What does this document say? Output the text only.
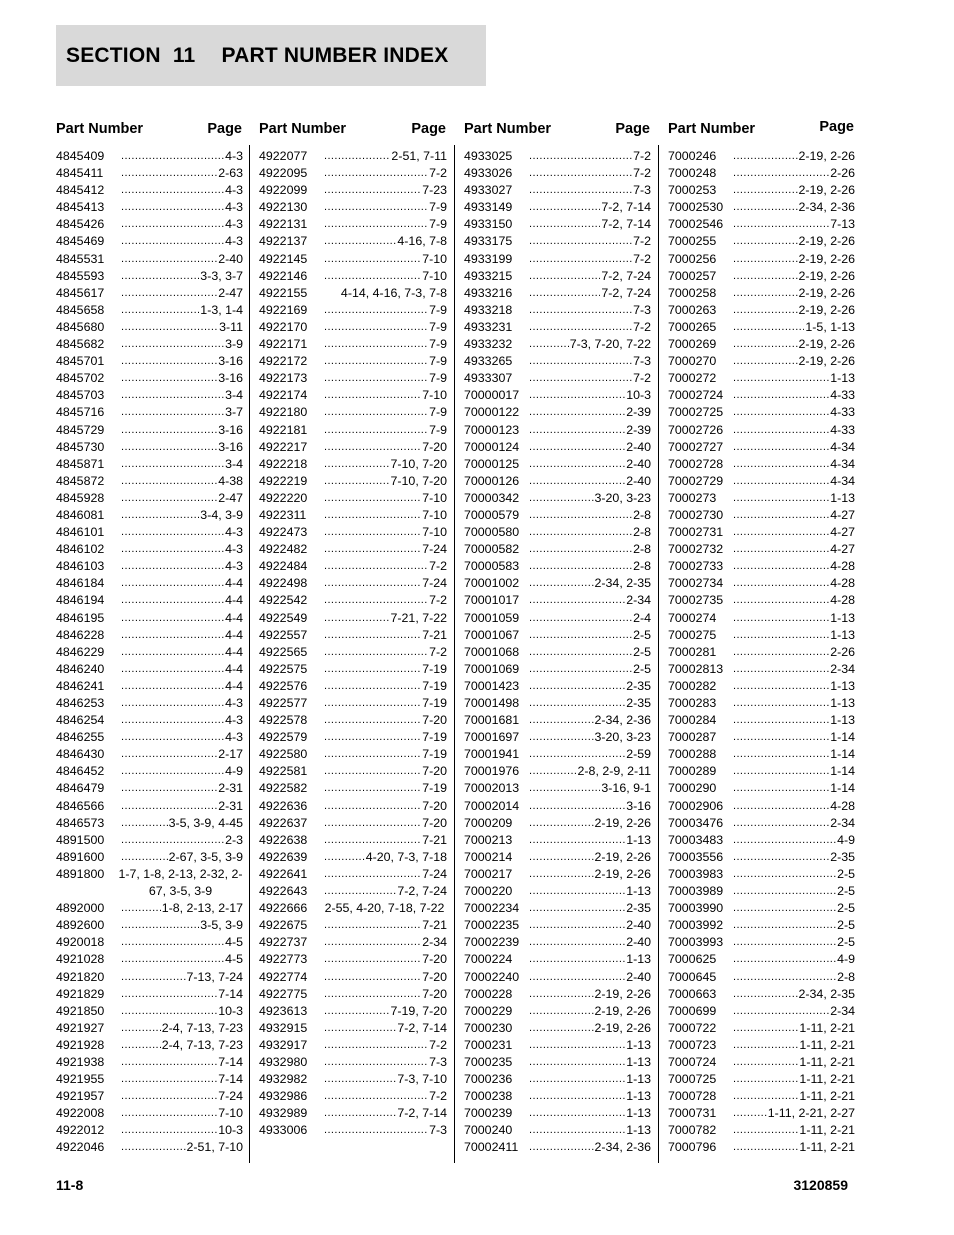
SECTION
11 PART NUMBER INDEX
Part Number	Page
4845409 .....	4-3
4845411 .....	2-63
4845412 .....	4-3
4845413 .....	4-3
4845426 .....	4-3
4845469 .....	4-3
4845531 .....	2-40
4845593 .....	3-3, 3-7
4845617 .....	2-47
4845658 .....	1-3, 1-4
4845680 .....	3-11
4845682 .....	3-9
4845701 .....	3-16
4845702 .....	3-16
4845703 .....	3-4
4845716 .....	3-7
4845729 .....	3-16
4845730 .....	3-16
4845871 .....	3-4
4845872 .....	4-38
4845928 .....	2-47
4846081 .....	3-4, 3-9
4846101 .....	4-3
4846102 .....	4-3
4846103 .....	4-3
4846184 .....	4-4
4846194 .....	4-4
4846195 .....	4-4
4846228 .....	4-4
4846229 .....	4-4
4846240 .....	4-4
4846241 .....	4-4
4846253 .....	4-3
4846254 .....	4-3
4846255 .....	4-3
4846430 .....	2-17
4846452 .....	4-9
4846479 .....	2-31
4846566 .....	2-31
4846573 .....	3-5, 3-9, 4-45
4891500 .....	2-3
4891600 .....	2-67, 3-5, 3-9
4891800	1-7, 1-8, 2-13, 2-32, 2-67, 3-5, 3-9
4892000 .....	1-8, 2-13, 2-17
4892600 .....	3-5, 3-9
4920018 .....	4-5
4921028 .....	4-5
4921820 .....	7-13, 7-24
4921829 .....	7-14
4921850 .....	10-3
4921927 .....	2-4, 7-13, 7-23
4921928 .....	2-4, 7-13, 7-23
4921938 .....	7-14
4921955 .....	7-14
4921957 .....	7-24
4922008 .....	7-10
4922012 .....	10-3
4922046 .....	2-51, 7-10
Part Number	Page
4922077 .....	2-51, 7-11
4922095 .....	7-2
4922099 .....	7-23
4922130 .....	7-9
4922131 .....	7-9
4922137 .....	4-16, 7-8
4922145 .....	7-10
4922146 .....	7-10
4922155	4-14, 4-16, 7-3, 7-8
4922169 .....	7-9
4922170 .....	7-9
4922171 .....	7-9
4922172 .....	7-9
4922173 .....	7-9
4922174 .....	7-10
4922180 .....	7-9
4922181 .....	7-9
4922217 .....	7-20
4922218 .....	7-10, 7-20
4922219 .....	7-10, 7-20
4922220 .....	7-10
4922311 .....	7-10
4922473 .....	7-10
4922482 .....	7-24
4922484 .....	7-2
4922498 .....	7-24
4922542 .....	7-2
4922549 .....	7-21, 7-22
4922557 .....	7-21
4922565 .....	7-2
4922575 .....	7-19
4922576 .....	7-19
4922577 .....	7-19
4922578 .....	7-20
4922579 .....	7-19
4922580 .....	7-19
4922581 .....	7-20
4922582 .....	7-19
4922636 .....	7-20
4922637 .....	7-20
4922638 .....	7-21
4922639 .....	4-20, 7-3, 7-18
4922641 .....	7-24
4922643 .....	7-2, 7-24
4922666	2-55, 4-20, 7-18, 7-22
4922675 .....	7-21
4922737 .....	2-34
4922773 .....	7-20
4922774 .....	7-20
4922775 .....	7-20
4923613 .....	7-19, 7-20
4932915 .....	7-2, 7-14
4932917 .....	7-2
4932980 .....	7-3
4932982 .....	7-3, 7-10
4932986 .....	7-2
4932989 .....	7-2, 7-14
4933006 .....	7-3
Part Number	Page
4933025 .....	7-2
4933026 .....	7-2
4933027 .....	7-3
4933149 .....	7-2, 7-14
4933150 .....	7-2, 7-14
4933175 .....	7-2
4933199 .....	7-2
4933215 .....	7-2, 7-24
4933216 .....	7-2, 7-24
4933218 .....	7-3
4933231 .....	7-2
4933232 .....	7-3, 7-20, 7-22
4933265 .....	7-3
4933307 .....	7-2
70000017 .....	10-3
70000122 .....	2-39
70000123 .....	2-39
70000124 .....	2-40
70000125 .....	2-40
70000126 .....	2-40
70000342 .....	3-20, 3-23
70000579 .....	2-8
70000580 .....	2-8
70000582 .....	2-8
70000583 .....	2-8
70001002 .....	2-34, 2-35
70001017 .....	2-34
70001059 .....	2-4
70001067 .....	2-5
70001068 .....	2-5
70001069 .....	2-5
70001423 .....	2-35
70001498 .....	2-35
70001681 .....	2-34, 2-36
70001697 .....	3-20, 3-23
70001941 .....	2-59
70001976 .....	2-8, 2-9, 2-11
70002013 .....	3-16, 9-1
70002014 .....	3-16
7000209 .....	2-19, 2-26
7000213 .....	1-13
7000214 .....	2-19, 2-26
7000217 .....	2-19, 2-26
7000220 .....	1-13
70002234 .....	2-35
70002235 .....	2-40
70002239 .....	2-40
7000224 .....	1-13
70002240 .....	2-40
7000228 .....	2-19, 2-26
7000229 .....	2-19, 2-26
7000230 .....	2-19, 2-26
7000231 .....	1-13
7000235 .....	1-13
7000236 .....	1-13
7000238 .....	1-13
7000239 .....	1-13
7000240 .....	1-13
70002411 .....	2-34, 2-36
Part Number	Page
7000246 .....	2-19, 2-26
7000248 .....	2-26
7000253 .....	2-19, 2-26
70002530 .....	2-34, 2-36
70002546 .....	7-13
7000255 .....	2-19, 2-26
7000256 .....	2-19, 2-26
7000257 .....	2-19, 2-26
7000258 .....	2-19, 2-26
7000263 .....	2-19, 2-26
7000265 .....	1-5, 1-13
7000269 .....	2-19, 2-26
7000270 .....	2-19, 2-26
7000272 .....	1-13
70002724 .....	4-33
70002725 .....	4-33
70002726 .....	4-33
70002727 .....	4-34
70002728 .....	4-34
70002729 .....	4-34
7000273 .....	1-13
70002730 .....	4-27
70002731 .....	4-27
70002732 .....	4-27
70002733 .....	4-28
70002734 .....	4-28
70002735 .....	4-28
7000274 .....	1-13
7000275 .....	1-13
7000281 .....	2-26
70002813 .....	2-34
7000282 .....	1-13
7000283 .....	1-13
7000284 .....	1-13
7000287 .....	1-14
7000288 .....	1-14
7000289 .....	1-14
7000290 .....	1-14
70002906 .....	4-28
70003476 .....	2-34
70003483 .....	4-9
70003556 .....	2-35
70003983 .....	2-5
70003989 .....	2-5
70003990 .....	2-5
70003992 .....	2-5
70003993 .....	2-5
7000625 .....	4-9
7000645 .....	2-8
7000663 .....	2-34, 2-35
7000699 .....	2-34
7000722 .....	1-11, 2-21
7000723 .....	1-11, 2-21
7000724 .....	1-11, 2-21
7000725 .....	1-11, 2-21
7000728 .....	1-11, 2-21
7000731 .....	1-11, 2-21, 2-27
7000782 .....	1-11, 2-21
7000796 .....	1-11, 2-21
11-8	3120859
